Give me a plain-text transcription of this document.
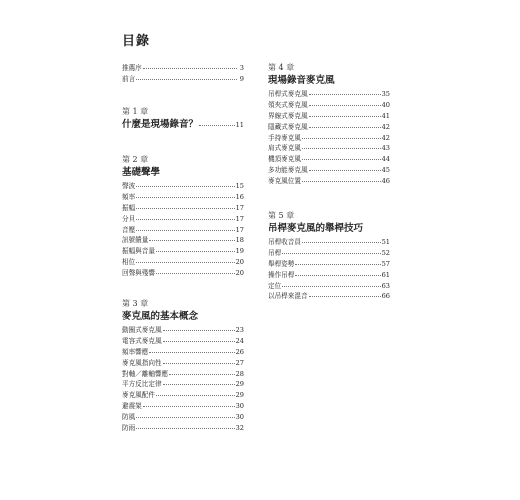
目錄
推薦序	3
前言	9
第 1 章
什麼是現場錄音？	11
第 2 章
基礎聲學
聲波	15
頻率	16
振幅	17
分貝	17
音壓	17
訊號饋量	18
振幅與音量	19
相位	20
回聲與殘響	20
第 3 章
麥克風的基本概念
動圈式麥克風	23
電容式麥克風	24
頻率響應	26
麥克風指向性	27
對軸／離軸響應	28
平方反比定律	29
麥克風配件	29
避震架	30
防風	30
防雨	32
第 4 章
現場錄音麥克風
吊桿式麥克風	35
領夾式麥克風	40
界線式麥克風	41
隱藏式麥克風	42
手持麥克風	42
肩式麥克風	43
機頂麥克風	44
多功能麥克風	45
麥克風位置	46
第 5 章
吊桿麥克風的舉桿技巧
吊桿收音員	51
吊桿	52
舉桿姿勢	57
操作吊桿	61
定位	63
以吊桿來混音	66
